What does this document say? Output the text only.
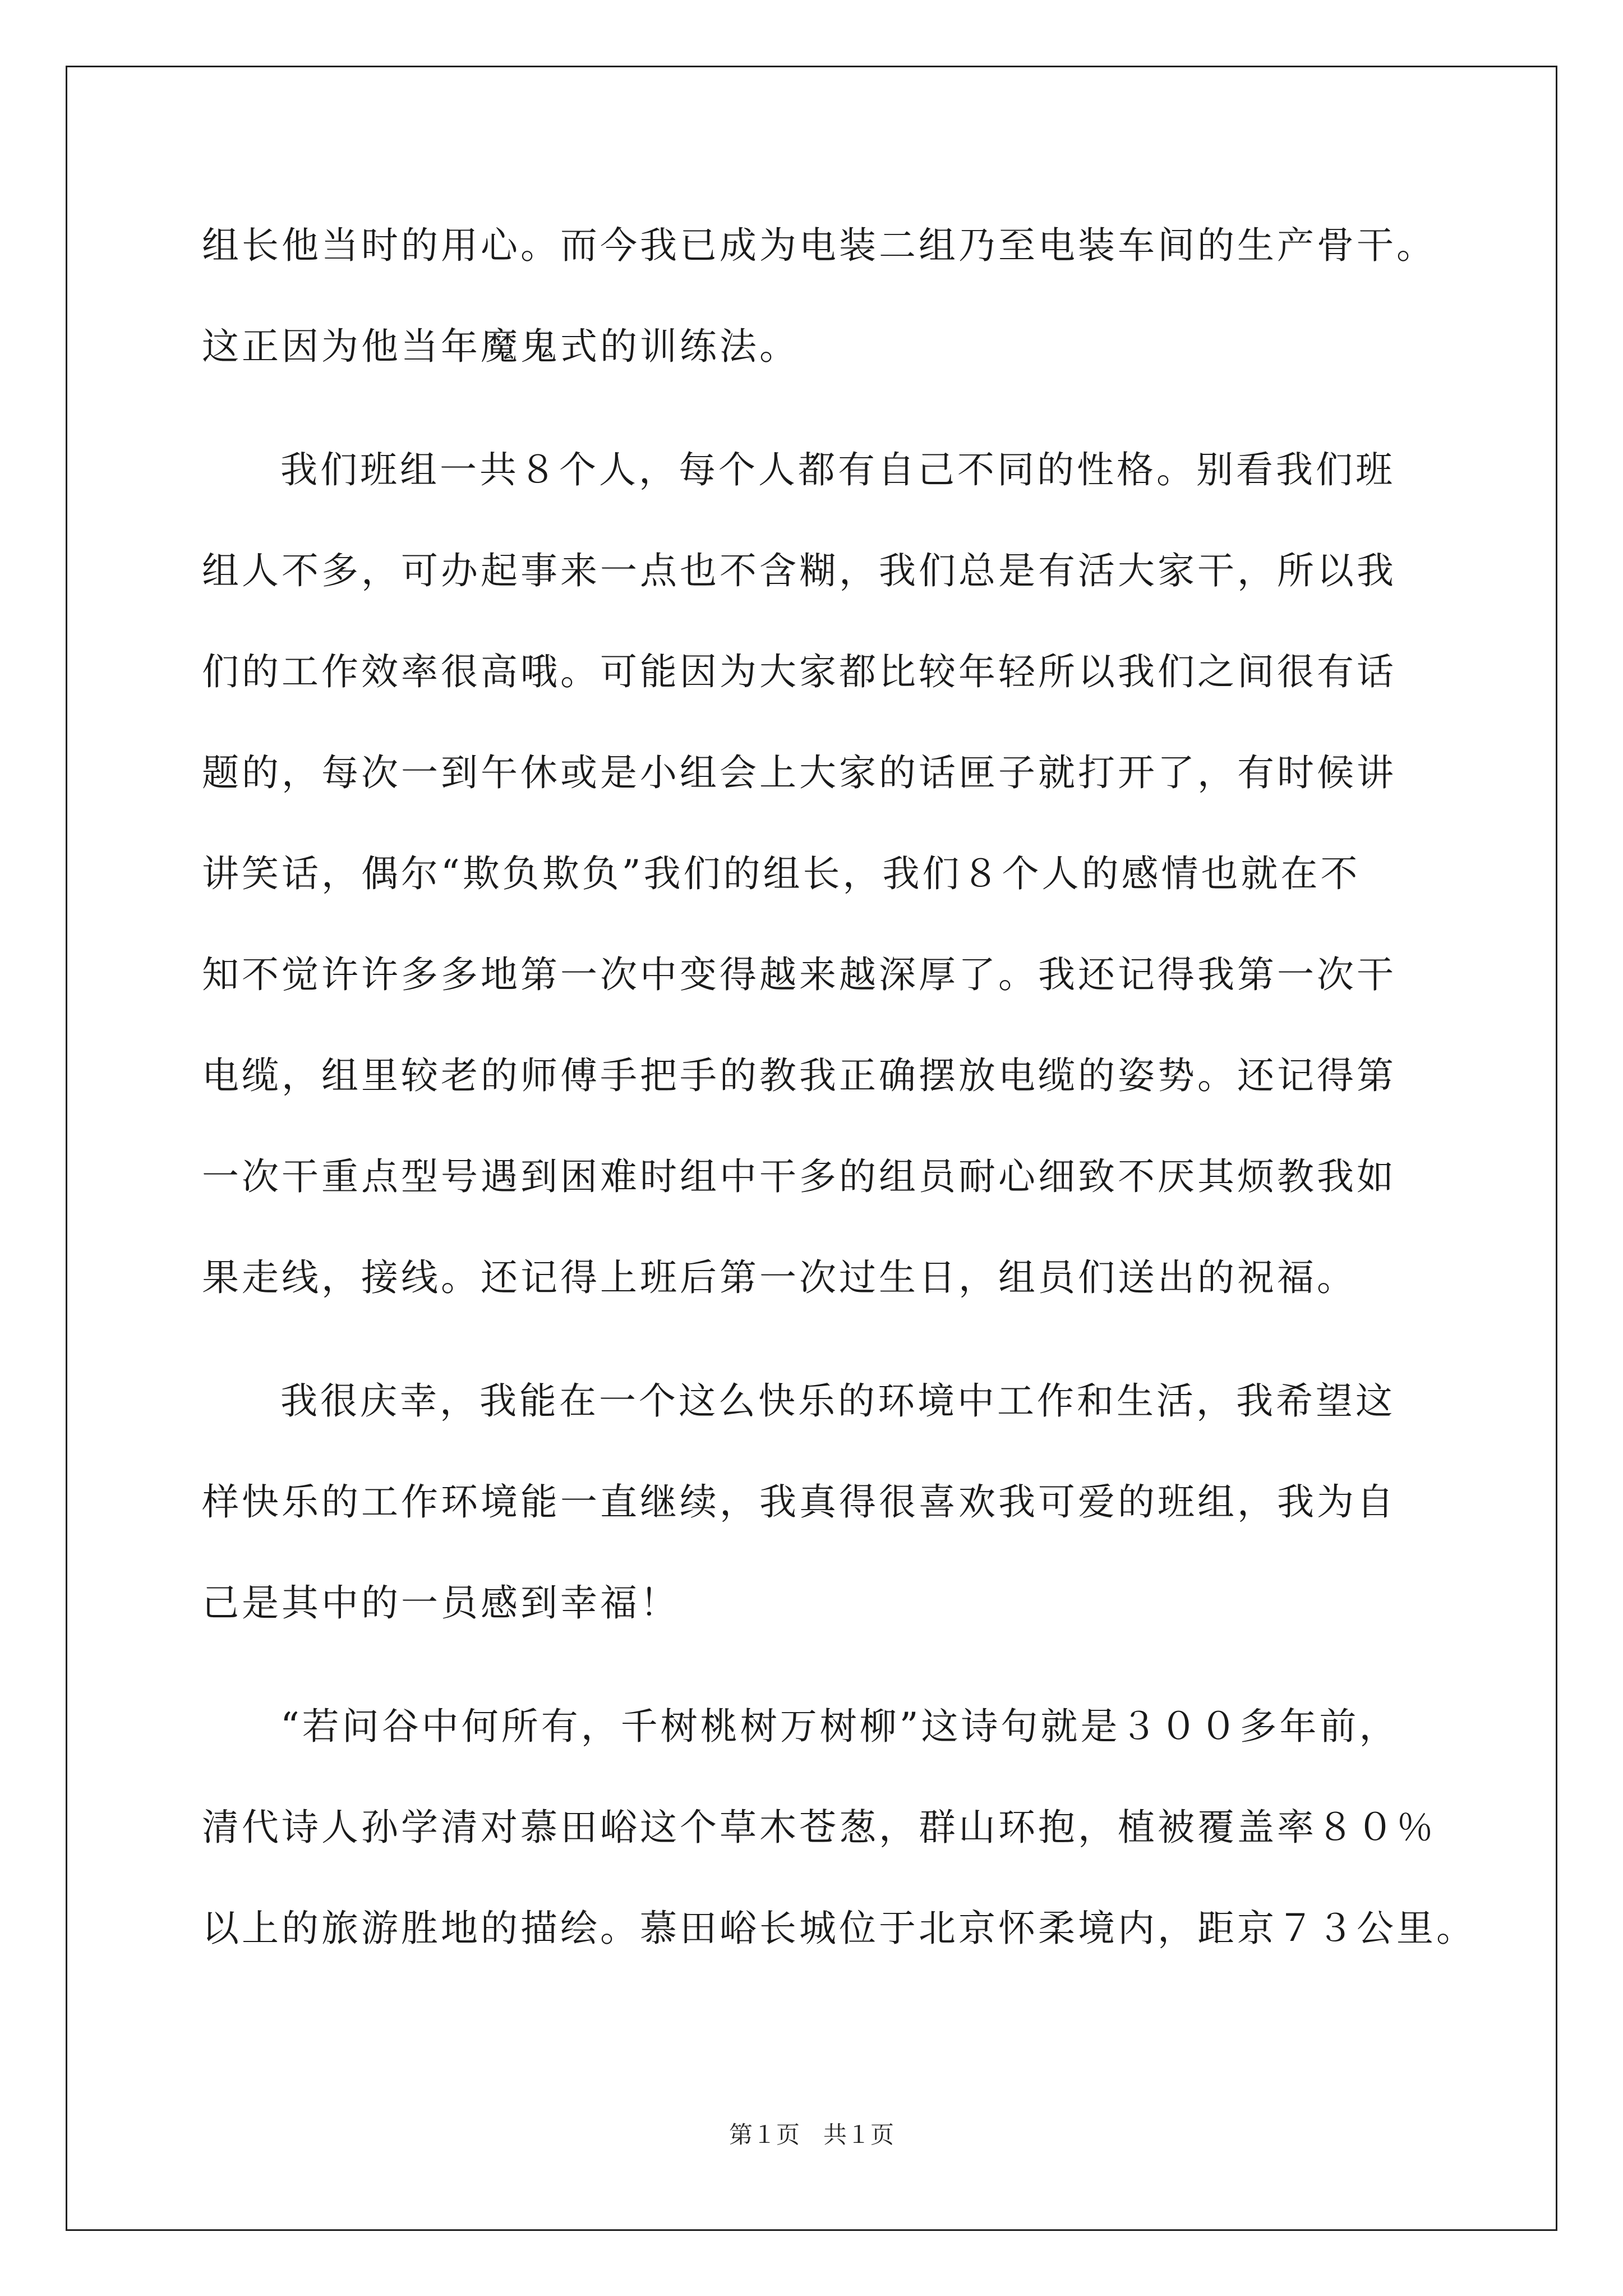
组长他当时的用心。而今我已成为电装二组乃至电装车间的生产骨干。
这正因为他当年魔鬼式的训练法。
我们班组一共８个人，每个人都有自己不同的性格。别看我们班
组人不多，可办起事来一点也不含糊，我们总是有活大家干，所以我
们的工作效率很高哦。可能因为大家都比较年轻所以我们之间很有话
题的，每次一到午休或是小组会上大家的话匣子就打开了，有时候讲
讲笑话，偶尔“欺负欺负”我们的组长，我们８个人的感情也就在不
知不觉许许多多地第一次中变得越来越深厚了。我还记得我第一次干
电缆，组里较老的师傅手把手的教我正确摆放电缆的姿势。还记得第
一次干重点型号遇到困难时组中干多的组员耐心细致不厌其烦教我如
果走线，接线。还记得上班后第一次过生日，组员们送出的祝福。
我很庆幸，我能在一个这么快乐的环境中工作和生活，我希望这
样快乐的工作环境能一直继续，我真得很喜欢我可爱的班组，我为自
己是其中的一员感到幸福！
“若问谷中何所有，千树桃树万树柳”这诗句就是３００多年前，
清代诗人孙学清对慕田峪这个草木苍葱，群山环抱，植被覆盖率８０％
以上的旅游胜地的描绘。慕田峪长城位于北京怀柔境内，距京７３公里。
第１页　共１页
